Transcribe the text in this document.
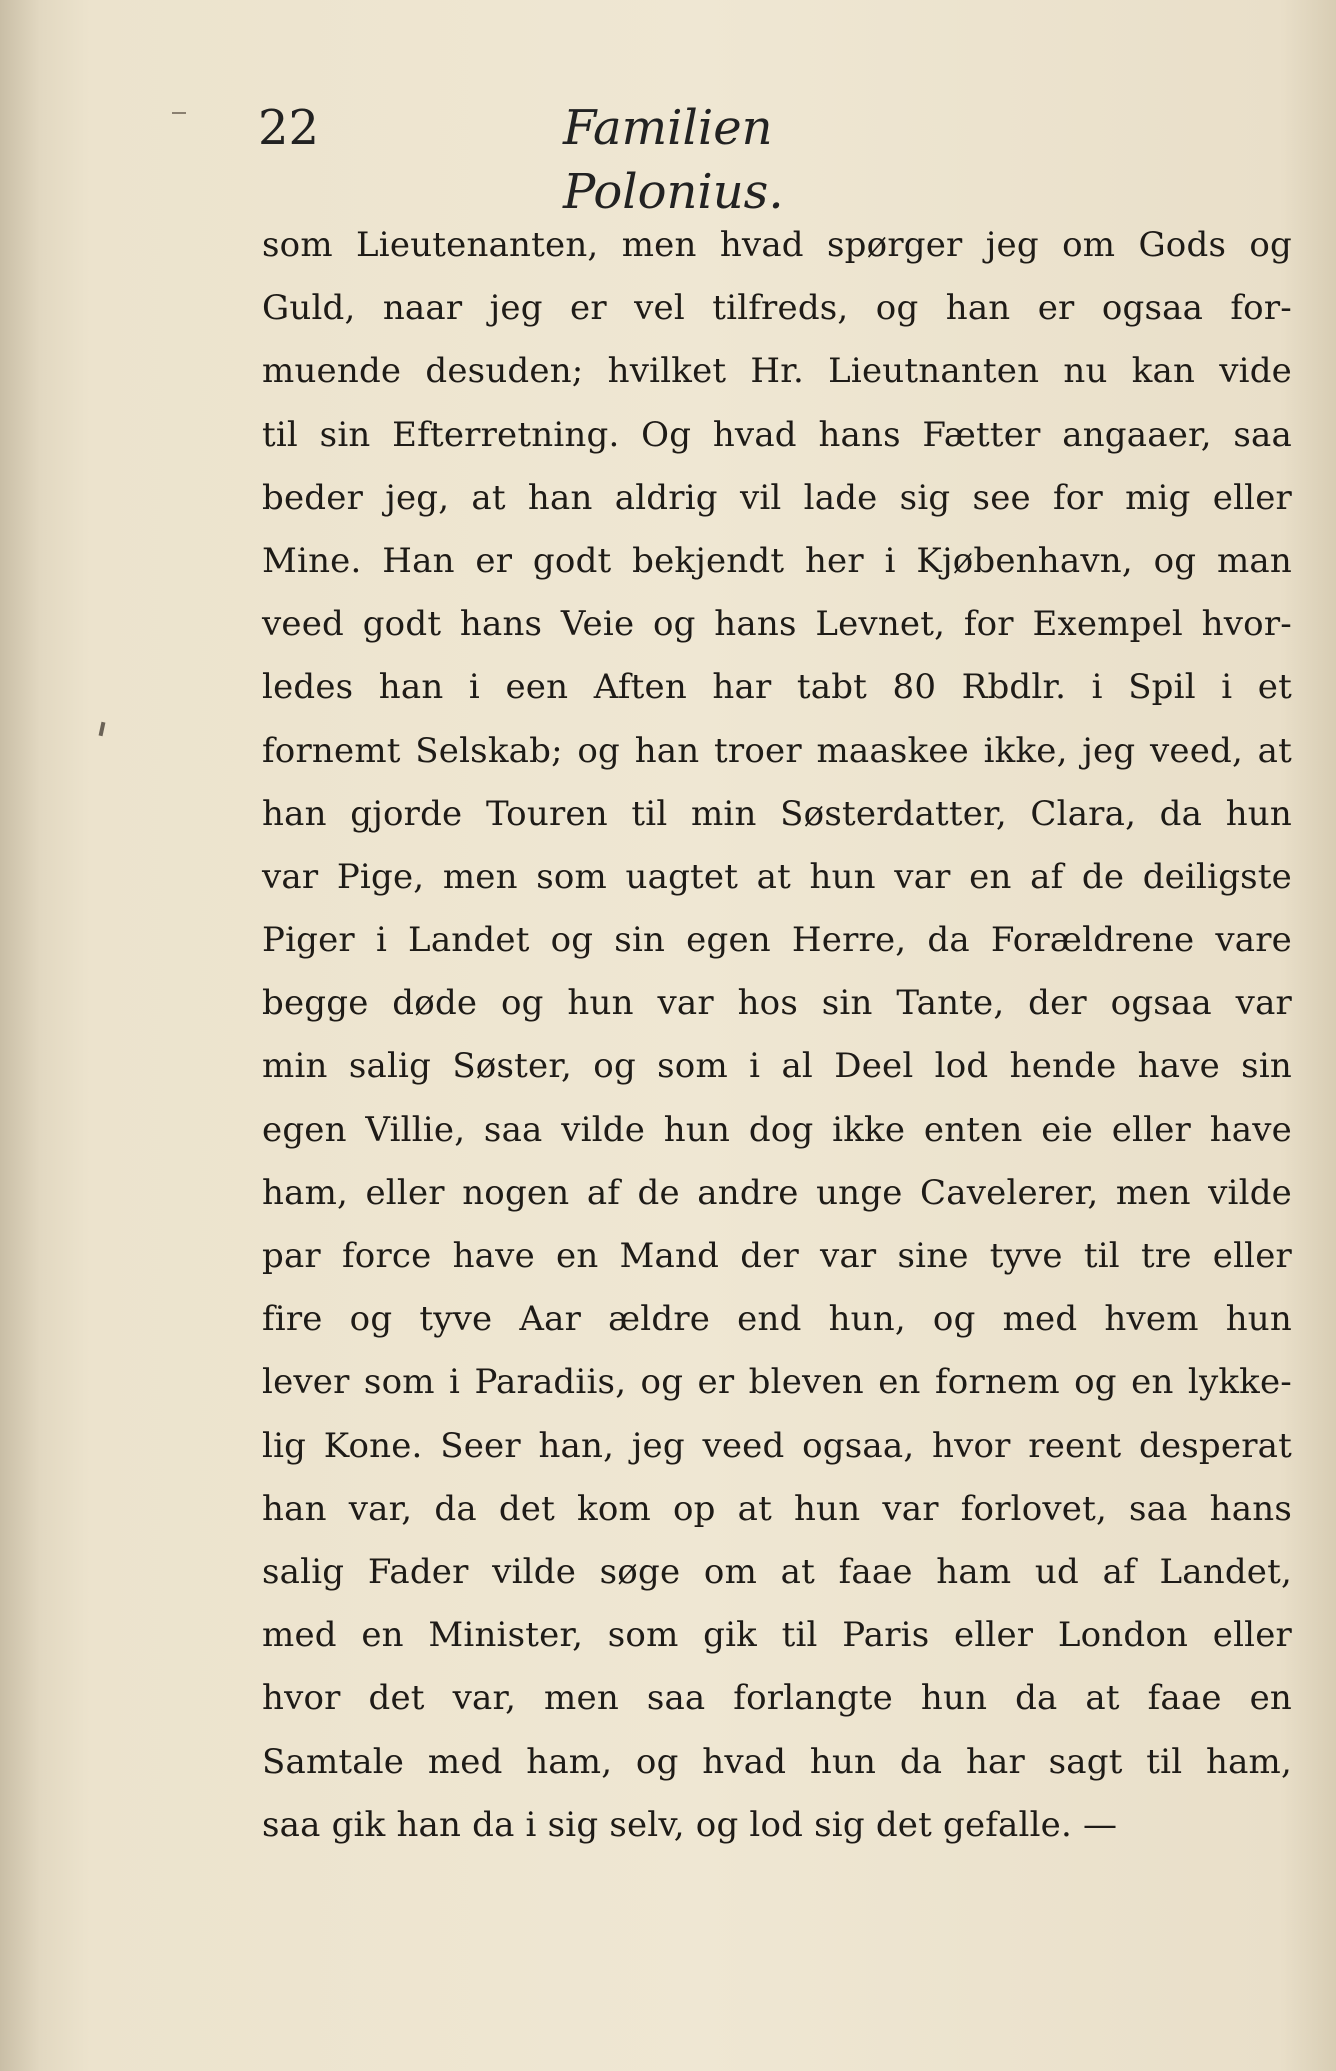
22	Familien Polonius.
som Lieutenanten, men hvad spørger jeg om Gods og
Guld, naar jeg er vel tilfreds, og han er ogsaa for-
muende desuden; hvilket Hr. Lieutnanten nu kan vide
til sin Efterretning. Og hvad hans Fætter angaaer, saa
beder jeg, at han aldrig vil lade sig see for mig eller
Mine. Han er godt bekjendt her i Kjøbenhavn, og man
veed godt hans Veie og hans Levnet, for Exempel hvor-
ledes han i een Aften har tabt 80 Rbdlr. i Spil i et
fornemt Selskab; og han troer maaskee ikke, jeg veed, at
han gjorde Touren til min Søsterdatter, Clara, da hun
var Pige, men som uagtet at hun var en af de deiligste
Piger i Landet og sin egen Herre, da Forældrene vare
begge døde og hun var hos sin Tante, der ogsaa var
min salig Søster, og som i al Deel lod hende have sin
egen Villie, saa vilde hun dog ikke enten eie eller have
ham, eller nogen af de andre unge Cavelerer, men vilde
par force have en Mand der var sine tyve til tre eller
fire og tyve Aar ældre end hun, og med hvem hun
lever som i Paradiis, og er bleven en fornem og en lykke-
lig Kone. Seer han, jeg veed ogsaa, hvor reent desperat
han var, da det kom op at hun var forlovet, saa hans
salig Fader vilde søge om at faae ham ud af Landet,
med en Minister, som gik til Paris eller London eller
hvor det var, men saa forlangte hun da at faae en
Samtale med ham, og hvad hun da har sagt til ham,
saa gik han da i sig selv, og lod sig det gefalle. —
